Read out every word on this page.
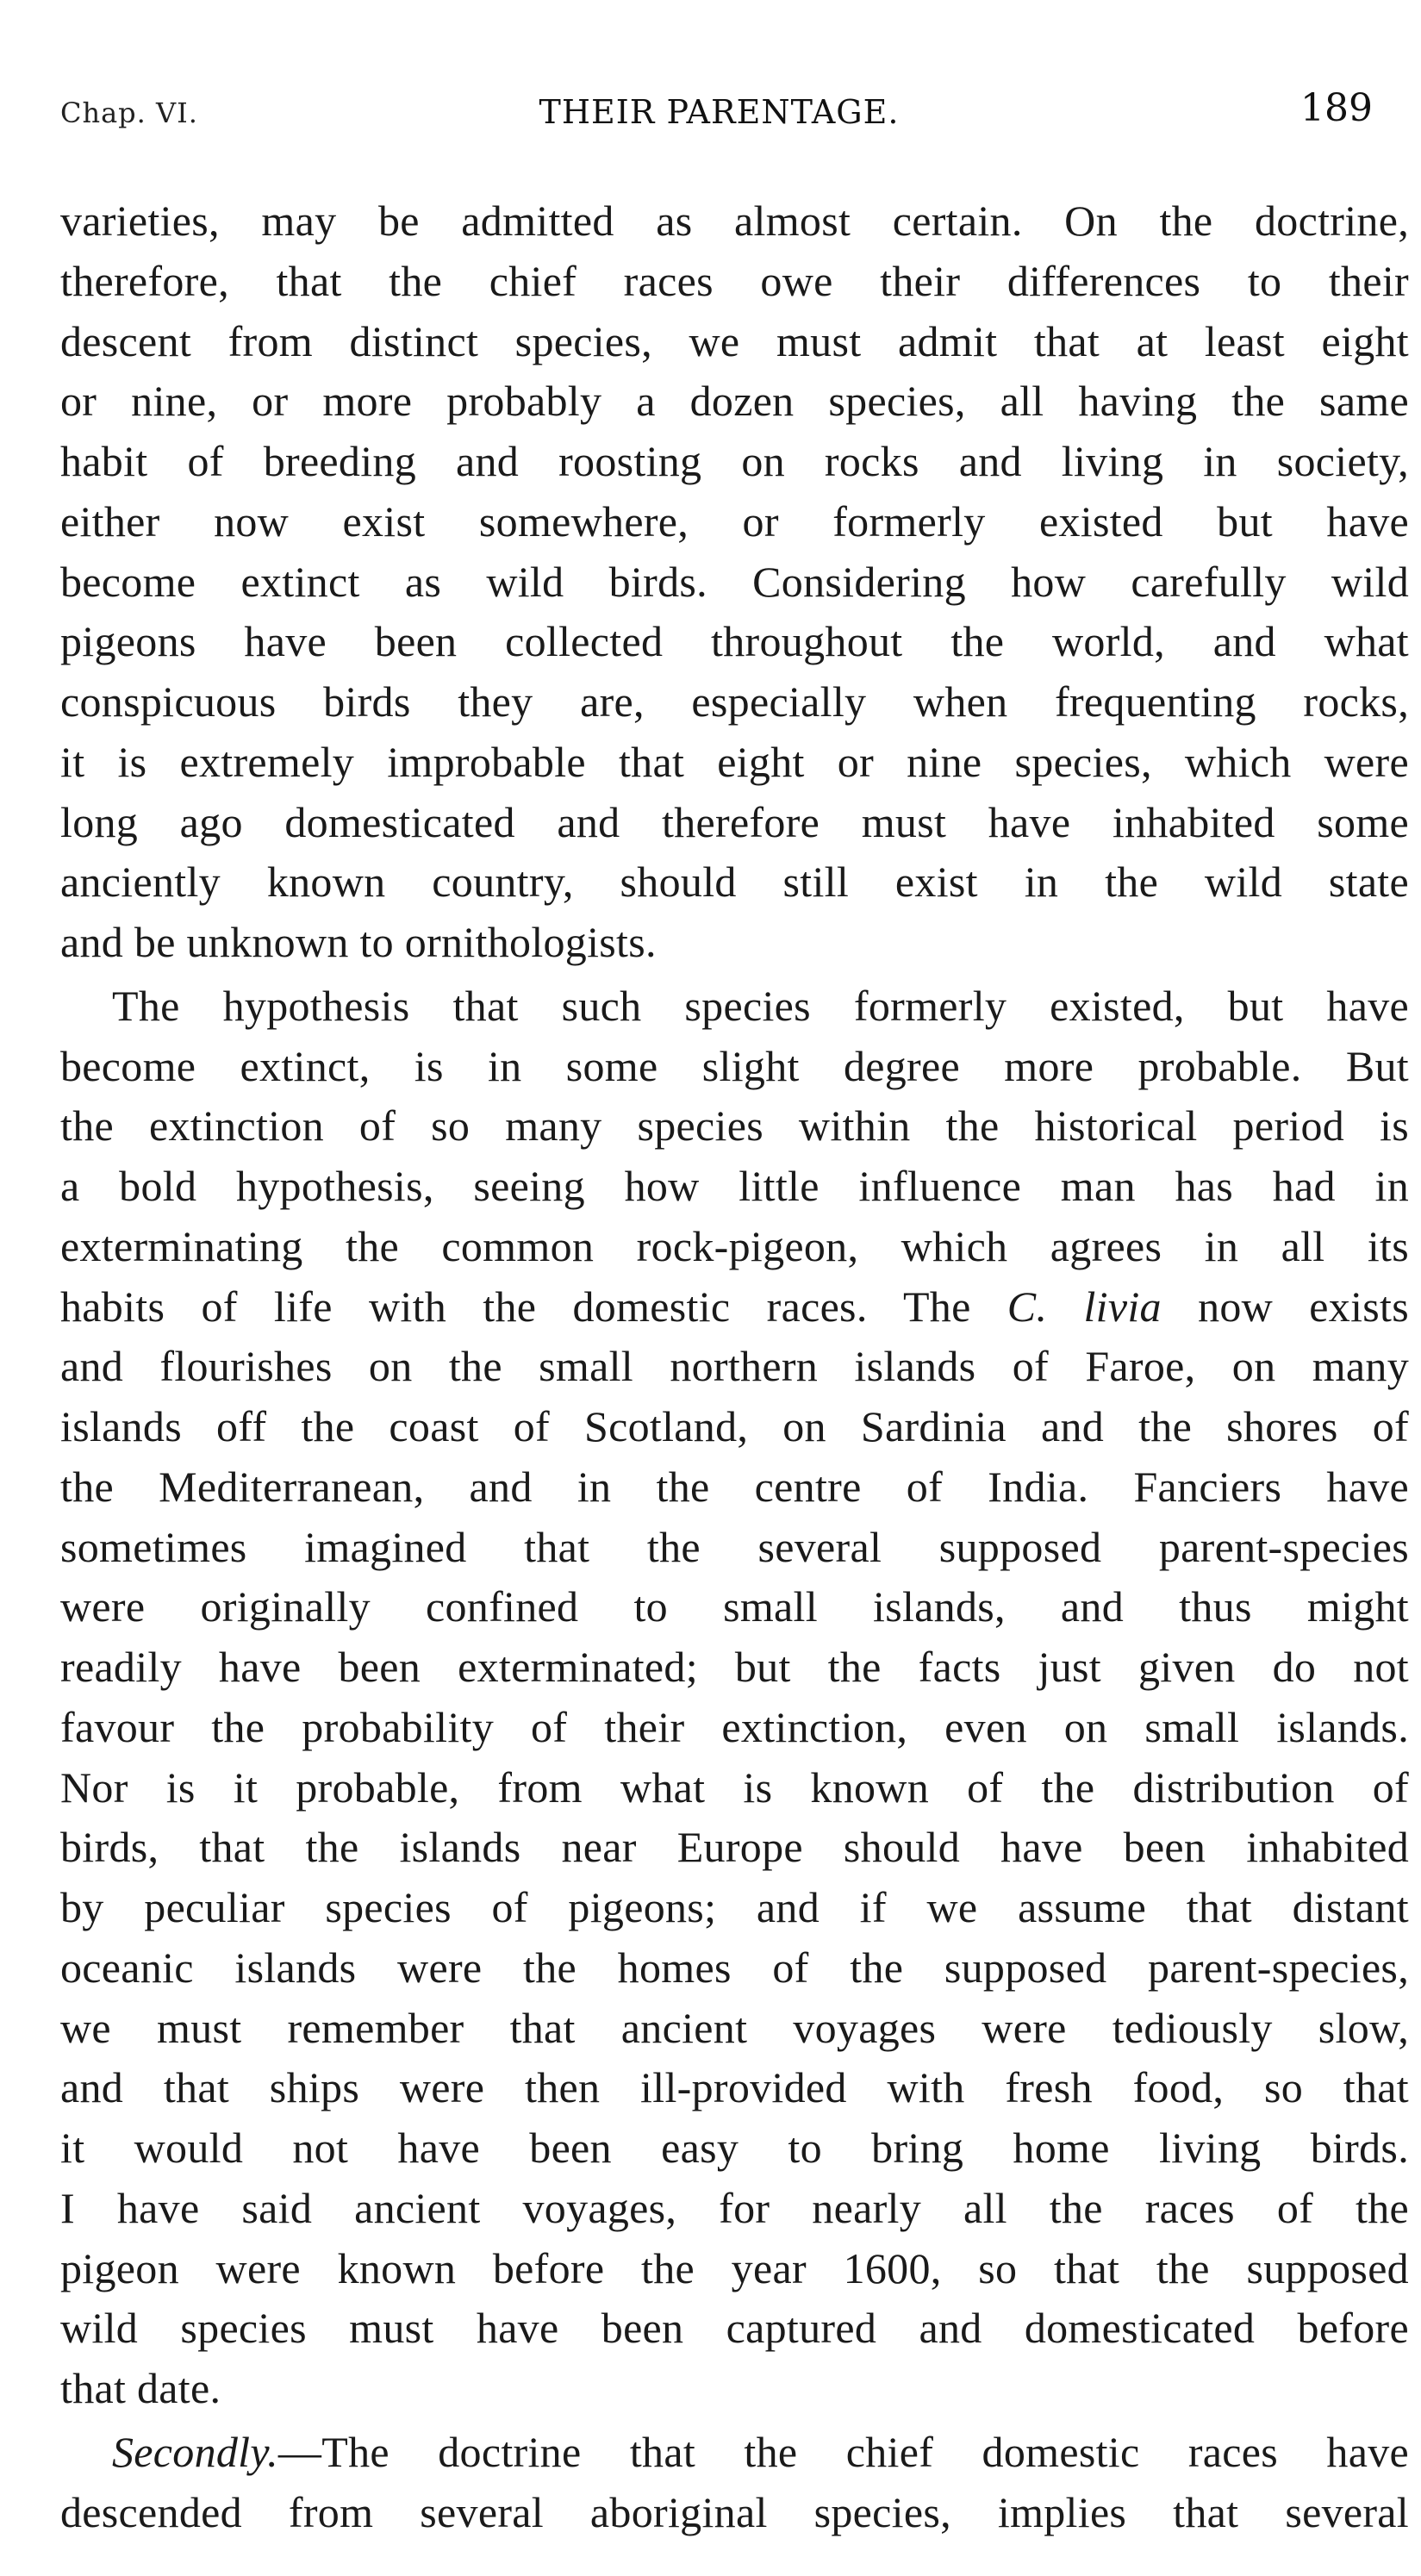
Chap. VI.	THEIR PARENTAGE.	189
varieties, may be admitted as almost certain. On the doctrine,
therefore, that the chief races owe their differences to their
descent from distinct species, we must admit that at least eight
or nine, or more probably a dozen species, all having the same
habit of breeding and roosting on rocks and living in society,
either now exist somewhere, or formerly existed but have
become extinct as wild birds. Considering how carefully wild
pigeons have been collected throughout the world, and what
conspicuous birds they are, especially when frequenting rocks,
it is extremely improbable that eight or nine species, which were
long ago domesticated and therefore must have inhabited some
anciently known country, should still exist in the wild state
and be unknown to ornithologists.
The hypothesis that such species formerly existed, but have
become extinct, is in some slight degree more probable. But
the extinction of so many species within the historical period is
a bold hypothesis, seeing how little influence man has had in
exterminating the common rock-pigeon, which agrees in all its
habits of life with the domestic races. The C. livia now exists
and flourishes on the small northern islands of Faroe, on many
islands off the coast of Scotland, on Sardinia and the shores of
the Mediterranean, and in the centre of India. Fanciers have
sometimes imagined that the several supposed parent-species
were originally confined to small islands, and thus might
readily have been exterminated; but the facts just given do not
favour the probability of their extinction, even on small islands.
Nor is it probable, from what is known of the distribution of
birds, that the islands near Europe should have been inhabited
by peculiar species of pigeons; and if we assume that distant
oceanic islands were the homes of the supposed parent-species,
we must remember that ancient voyages were tediously slow,
and that ships were then ill-provided with fresh food, so that
it would not have been easy to bring home living birds.
I have said ancient voyages, for nearly all the races of the
pigeon were known before the year 1600, so that the supposed
wild species must have been captured and domesticated before
that date.
Secondly.—The doctrine that the chief domestic races have
descended from several aboriginal species, implies that several
